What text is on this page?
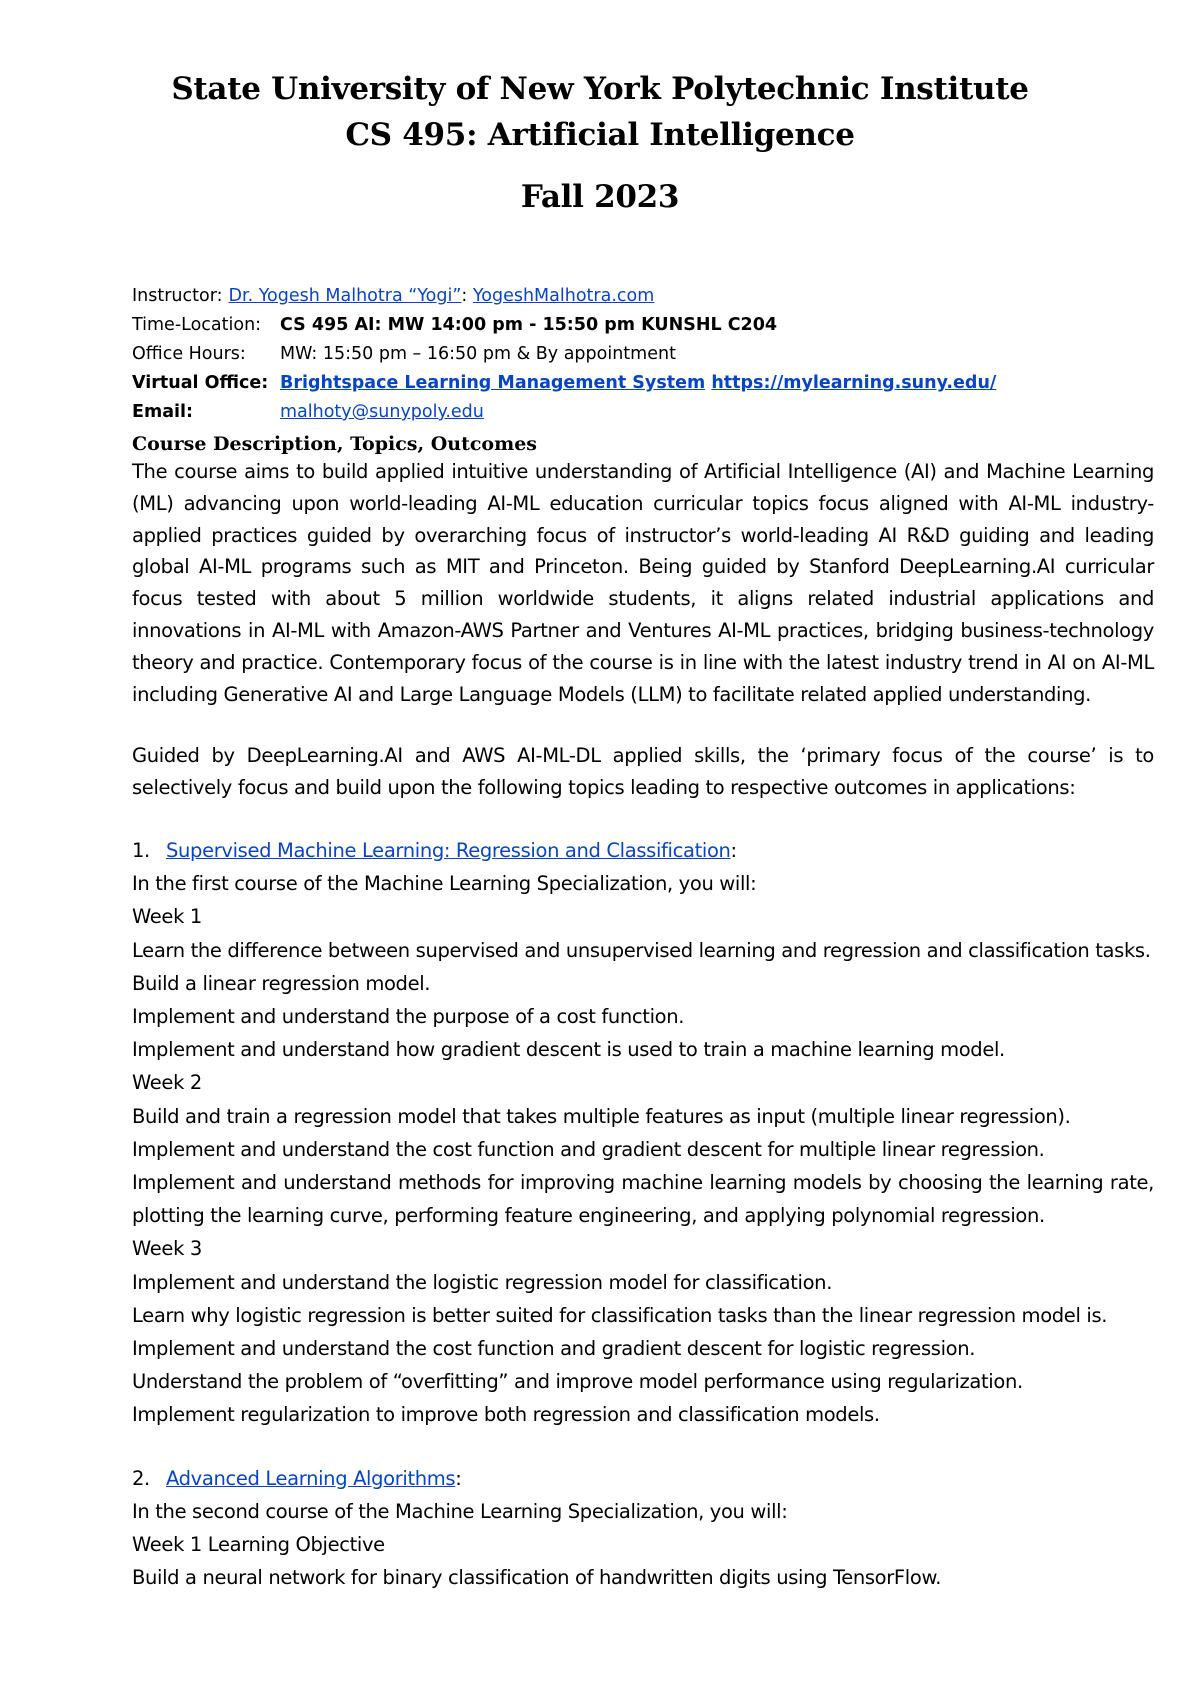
State University of New York Polytechnic Institute
CS 495: Artificial Intelligence
Fall 2023
Instructor: Dr. Yogesh Malhotra “Yogi”: YogeshMalhotra.com
Time-Location: CS 495 AI: MW 14:00 pm - 15:50 pm KUNSHL C204
Office Hours: MW: 15:50 pm – 16:50 pm & By appointment
Virtual Office: Brightspace Learning Management System https://mylearning.suny.edu/
Email:	malhoty@sunypoly.edu
Course Description, Topics, Outcomes
The course aims to build applied intuitive understanding of Artificial Intelligence (AI) and Machine Learning (ML) advancing upon world-leading AI-ML education curricular topics focus aligned with AI-ML industry-applied practices guided by overarching focus of instructor’s world-leading AI R&D guiding and leading global AI-ML programs such as MIT and Princeton. Being guided by Stanford DeepLearning.AI curricular focus tested with about 5 million worldwide students, it aligns related industrial applications and innovations in AI-ML with Amazon-AWS Partner and Ventures AI-ML practices, bridging business-technology theory and practice. Contemporary focus of the course is in line with the latest industry trend in AI on AI-ML including Generative AI and Large Language Models (LLM) to facilitate related applied understanding.
Guided by DeepLearning.AI and AWS AI-ML-DL applied skills, the ‘primary focus of the course’ is to selectively focus and build upon the following topics leading to respective outcomes in applications:
1. Supervised Machine Learning: Regression and Classification:
In the first course of the Machine Learning Specialization, you will:
Week 1
Learn the difference between supervised and unsupervised learning and regression and classification tasks.
Build a linear regression model.
Implement and understand the purpose of a cost function.
Implement and understand how gradient descent is used to train a machine learning model.
Week 2
Build and train a regression model that takes multiple features as input (multiple linear regression).
Implement and understand the cost function and gradient descent for multiple linear regression.
Implement and understand methods for improving machine learning models by choosing the learning rate, plotting the learning curve, performing feature engineering, and applying polynomial regression.
Week 3
Implement and understand the logistic regression model for classification.
Learn why logistic regression is better suited for classification tasks than the linear regression model is.
Implement and understand the cost function and gradient descent for logistic regression.
Understand the problem of “overfitting” and improve model performance using regularization.
Implement regularization to improve both regression and classification models.
2. Advanced Learning Algorithms:
In the second course of the Machine Learning Specialization, you will:
Week 1 Learning Objective
Build a neural network for binary classification of handwritten digits using TensorFlow.
